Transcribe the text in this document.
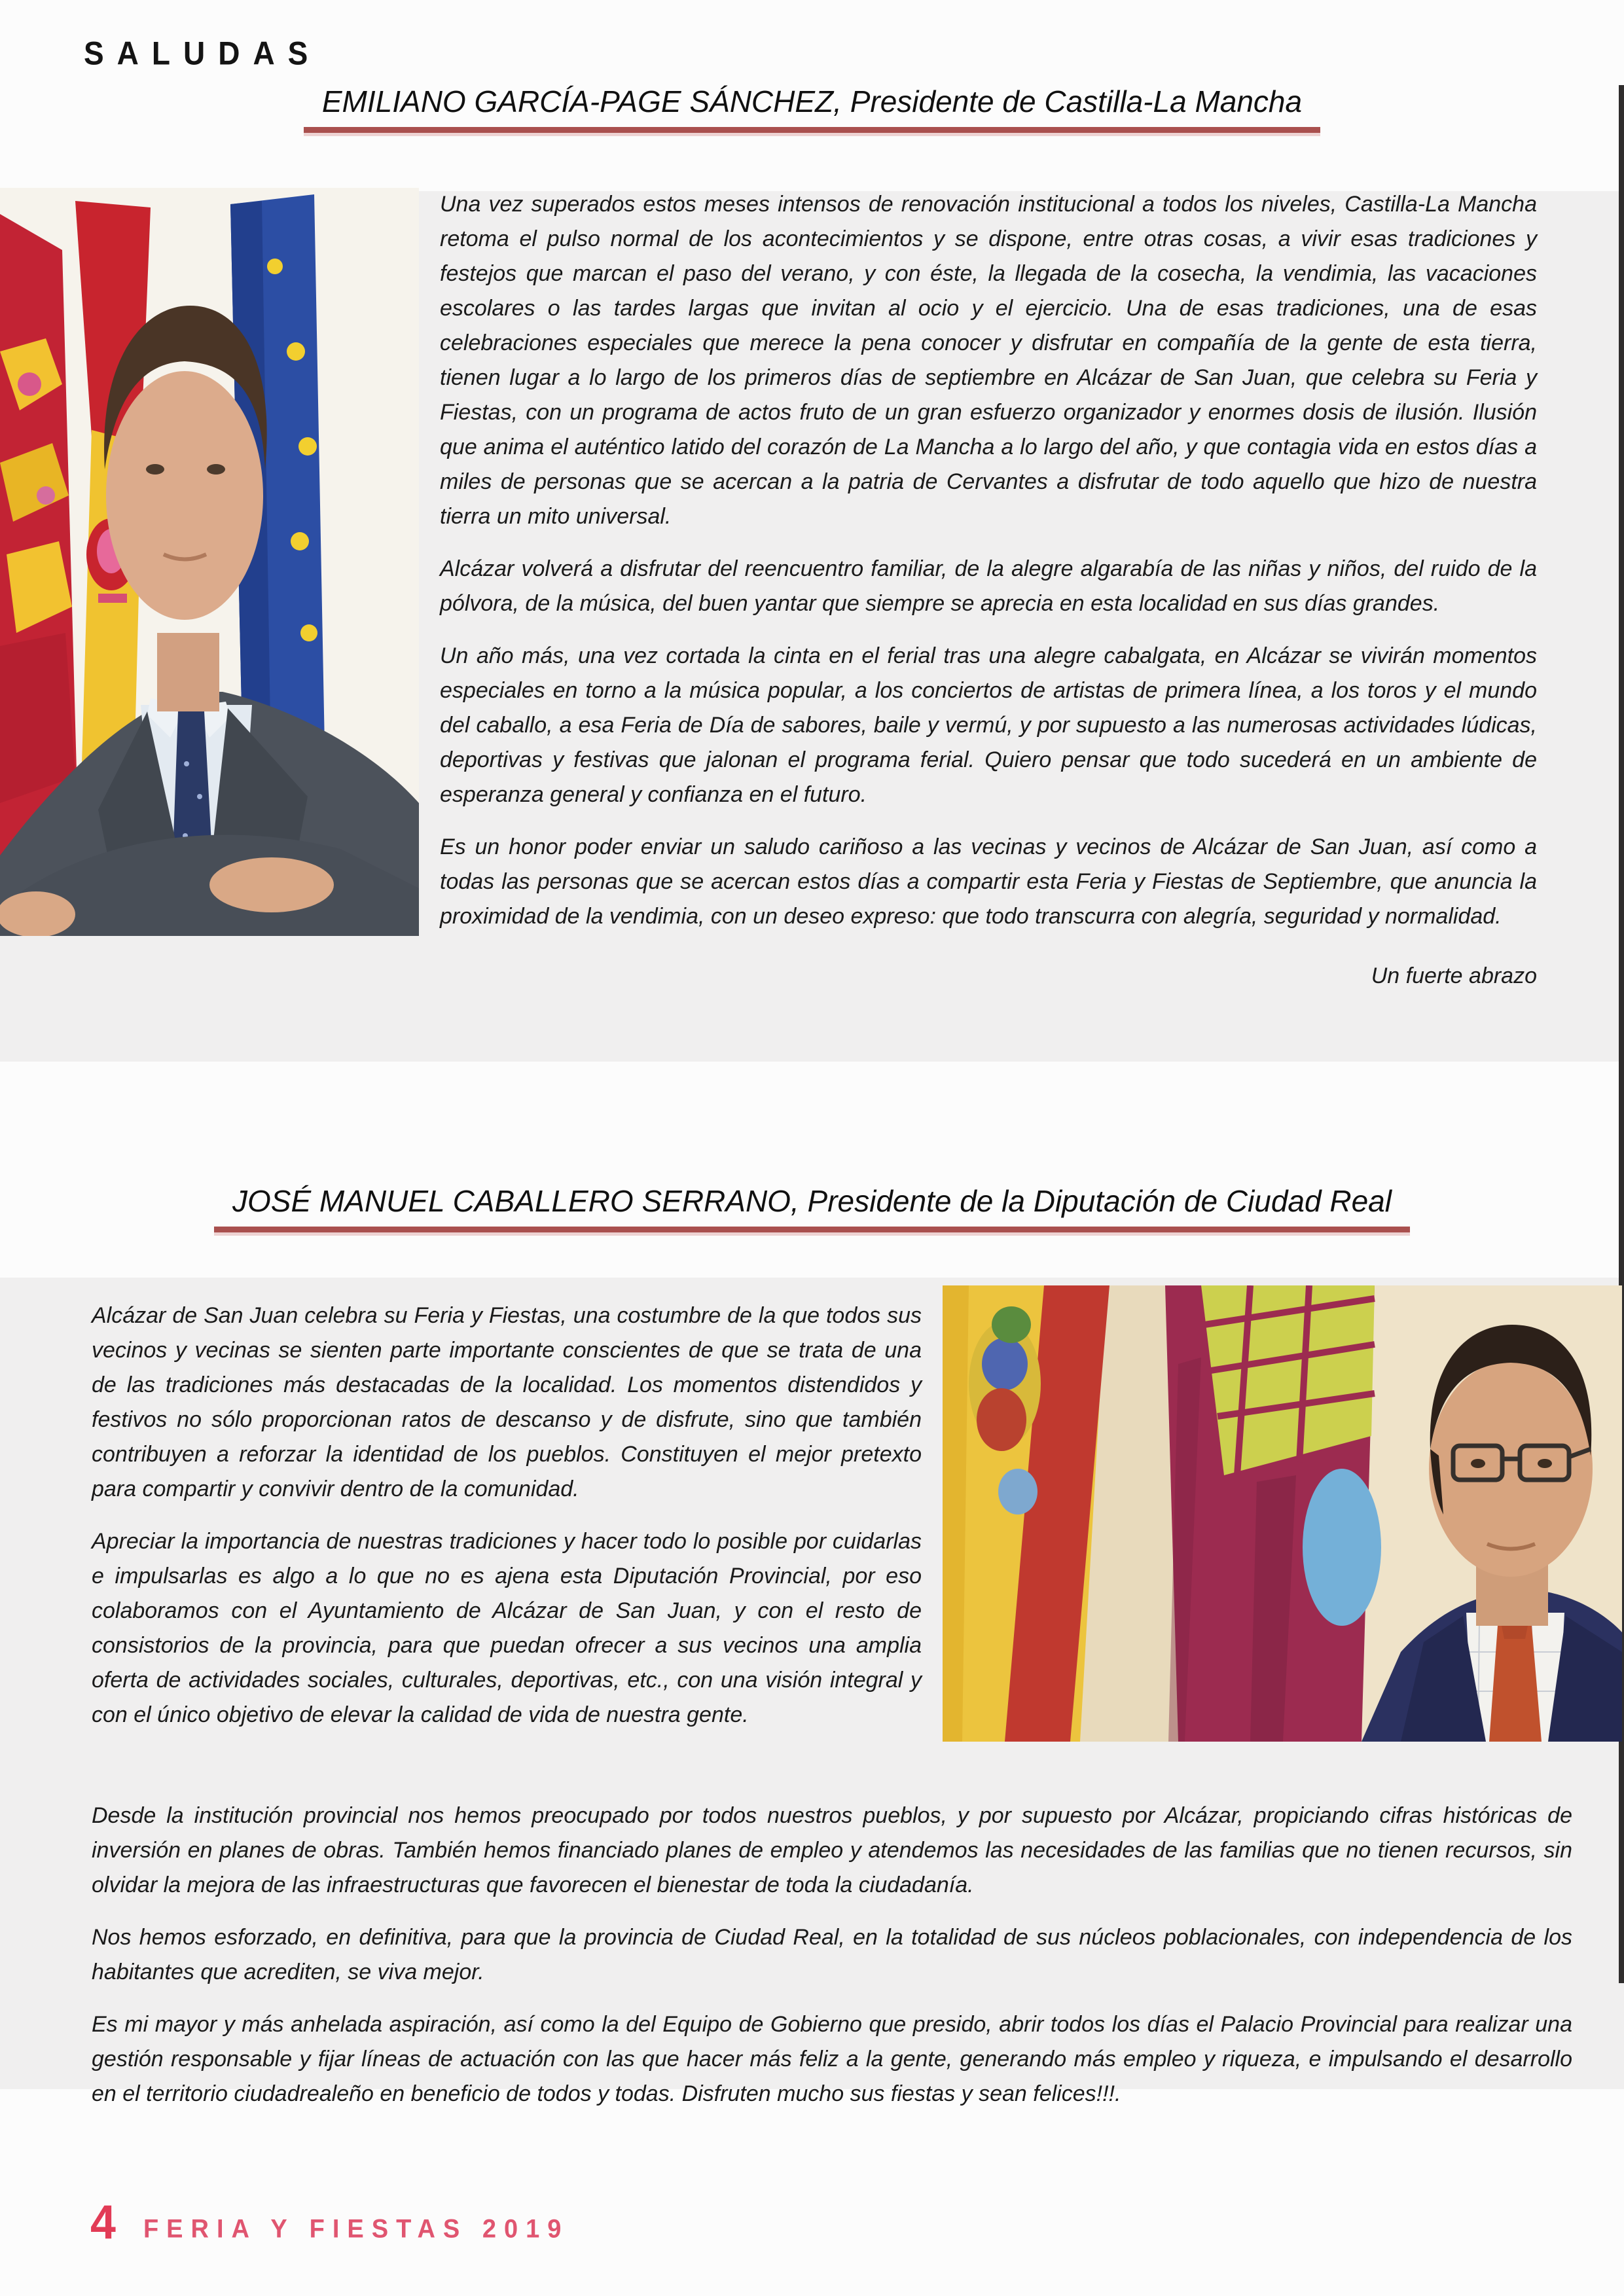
SALUDAS
EMILIANO GARCÍA-PAGE SÁNCHEZ, Presidente de Castilla-La Mancha

Una vez superados estos meses intensos de renovación institucional a todos los niveles, Castilla-La Mancha retoma el pulso normal de los acontecimientos y se dispone, entre otras cosas, a vivir esas tradiciones y festejos que marcan el paso del verano, y con éste, la llegada de la cosecha, la vendimia, las vacaciones escolares o las tardes largas que invitan al ocio y el ejercicio. Una de esas tradiciones, una de esas celebraciones especiales que merece la pena conocer y disfrutar en compañía de la gente de esta tierra, tienen lugar a lo largo de los primeros días de septiembre en Alcázar de San Juan, que celebra su Feria y Fiestas, con un programa de actos fruto de un gran esfuerzo organizador y enormes dosis de ilusión. Ilusión que anima el auténtico latido del corazón de La Mancha a lo largo del año, y que contagia vida en estos días a miles de personas que se acercan a la patria de Cervantes a disfrutar de todo aquello que hizo de nuestra tierra un mito universal.

Alcázar volverá a disfrutar del reencuentro familiar, de la alegre algarabía de las niñas y niños, del ruido de la pólvora, de la música, del buen yantar que siempre se aprecia en esta localidad en sus días grandes.

Un año más, una vez cortada la cinta en el ferial tras una alegre cabalgata, en Alcázar se vivirán momentos especiales en torno a la música popular, a los conciertos de artistas de primera línea, a los toros y el mundo del caballo, a esa Feria de Día de sabores, baile y vermú, y por supuesto a las numerosas actividades lúdicas, deportivas y festivas que jalonan el programa ferial. Quiero pensar que todo sucederá en un ambiente de esperanza general y confianza en el futuro.

Es un honor poder enviar un saludo cariñoso a las vecinas y vecinos de Alcázar de San Juan, así como a todas las personas que se acercan estos días a compartir esta Feria y Fiestas de Septiembre, que anuncia la proximidad de la vendimia, con un deseo expreso: que todo transcurra con alegría, seguridad y normalidad.

Un fuerte abrazo
JOSÉ MANUEL CABALLERO SERRANO, Presidente de la Diputación de Ciudad Real

Alcázar de San Juan celebra su Feria y Fiestas, una costumbre de la que todos sus vecinos y vecinas se sienten parte importante conscientes de que se trata de una de las tradiciones más destacadas de la localidad. Los momentos distendidos y festivos no sólo proporcionan ratos de descanso y de disfrute, sino que también contribuyen a reforzar la identidad de los pueblos. Constituyen el mejor pretexto para compartir y convivir dentro de la comunidad.

Apreciar la importancia de nuestras tradiciones y hacer todo lo posible por cuidarlas e impulsarlas es algo a lo que no es ajena esta Diputación Provincial, por eso colaboramos con el Ayuntamiento de Alcázar de San Juan, y con el resto de consistorios de la provincia, para que puedan ofrecer a sus vecinos una amplia oferta de actividades sociales, culturales, deportivas, etc., con una visión integral y con el único objetivo de elevar la calidad de vida de nuestra gente.

Desde la institución provincial nos hemos preocupado por todos nuestros pueblos, y por supuesto por Alcázar, propiciando cifras históricas de inversión en planes de obras. También hemos financiado planes de empleo y atendemos las necesidades de las familias que no tienen recursos, sin olvidar la mejora de las infraestructuras que favorecen el bienestar de toda la ciudadanía.

Nos hemos esforzado, en definitiva, para que la provincia de Ciudad Real, en la totalidad de sus núcleos poblacionales, con independencia de los habitantes que acrediten, se viva mejor.

Es mi mayor y más anhelada aspiración, así como la del Equipo de Gobierno que presido, abrir todos los días el Palacio Provincial para realizar una gestión responsable y fijar líneas de actuación con las que hacer más feliz a la gente, generando más empleo y riqueza, e impulsando el desarrollo en el territorio ciudadrealeño en beneficio de todos y todas. Disfruten mucho sus fiestas y sean felices!!!.

4 FERIA Y FIESTAS 2019
